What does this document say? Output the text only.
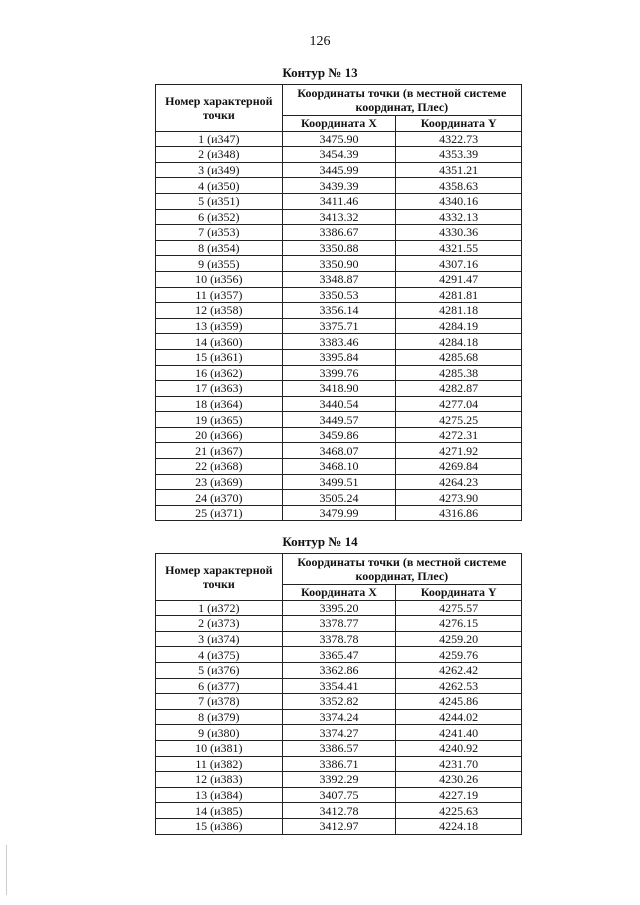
126
Контур № 13
Номер характерной точки	Координаты точки (в местной системе координат, Плес)	
	Координата X	Координата Y
1 (и347)	3475.90	4322.73
2 (и348)	3454.39	4353.39
3 (и349)	3445.99	4351.21
4 (и350)	3439.39	4358.63
5 (и351)	3411.46	4340.16
6 (и352)	3413.32	4332.13
7 (и353)	3386.67	4330.36
8 (и354)	3350.88	4321.55
9 (и355)	3350.90	4307.16
10 (и356)	3348.87	4291.47
11 (и357)	3350.53	4281.81
12 (и358)	3356.14	4281.18
13 (и359)	3375.71	4284.19
14 (и360)	3383.46	4284.18
15 (и361)	3395.84	4285.68
16 (и362)	3399.76	4285.38
17 (и363)	3418.90	4282.87
18 (и364)	3440.54	4277.04
19 (и365)	3449.57	4275.25
20 (и366)	3459.86	4272.31
21 (и367)	3468.07	4271.92
22 (и368)	3468.10	4269.84
23 (и369)	3499.51	4264.23
24 (и370)	3505.24	4273.90
25 (и371)	3479.99	4316.86
Контур № 14
Номер характерной точки	Координаты точки (в местной системе координат, Плес)	
	Координата X	Координата Y
1 (и372)	3395.20	4275.57
2 (и373)	3378.77	4276.15
3 (и374)	3378.78	4259.20
4 (и375)	3365.47	4259.76
5 (и376)	3362.86	4262.42
6 (и377)	3354.41	4262.53
7 (и378)	3352.82	4245.86
8 (и379)	3374.24	4244.02
9 (и380)	3374.27	4241.40
10 (и381)	3386.57	4240.92
11 (и382)	3386.71	4231.70
12 (и383)	3392.29	4230.26
13 (и384)	3407.75	4227.19
14 (и385)	3412.78	4225.63
15 (и386)	3412.97	4224.18
